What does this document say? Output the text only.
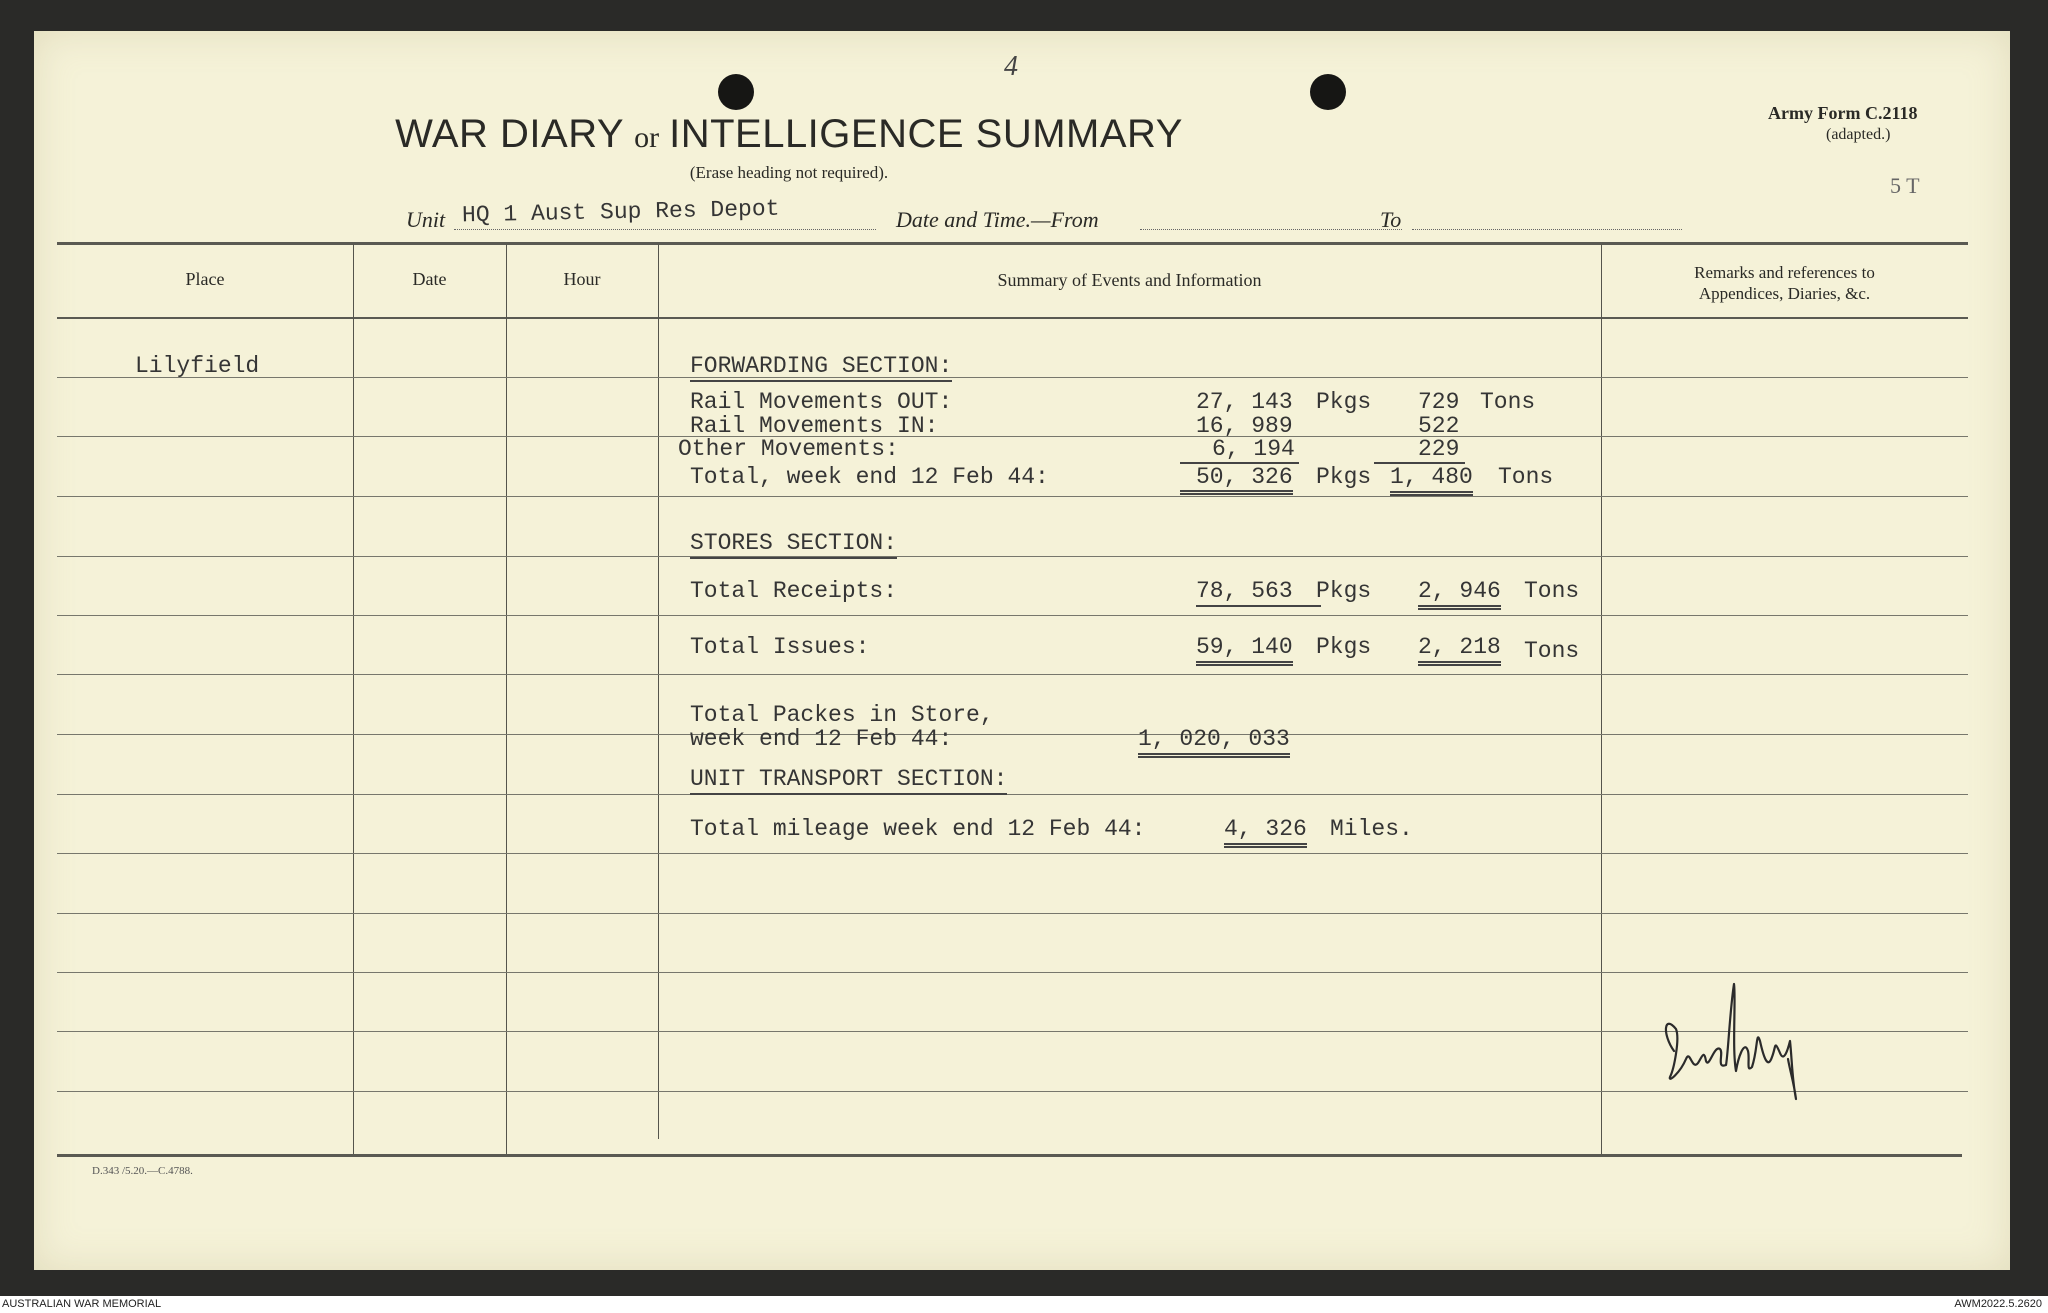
4
WAR DIARY or INTELLIGENCE SUMMARY
(Erase heading not required).
Army Form C.2118
(adapted.)
5 T
Unit HQ 1 Aust Sup Res Depot	Date and Time.—From	To
Place	Date	Hour	Summary of Events and Information	Remarks and references to
Appendices, Diaries, &c.
Lilyfield	FORWARDING SECTION:
Rail Movements OUT:	27, 143 Pkgs 729 Tons
Rail Movements IN:	16, 989	522
Other Movements:	6, 194	229
Total, week end 12 Feb 44:	50, 326 Pkgs 1, 480 Tons
STORES SECTION:
Total Receipts:	78, 563	Pkgs 2, 946 Tons
Total Issues:	59, 140 Pkgs 2, 218 Tons
Total Packes in Store,
week end 12 Feb 44:	1, 020, 033
UNIT TRANSPORT SECTION:
Total mileage week end 12 Feb 44:	4, 326 Miles.
D.343 /5.20.—C.4788.
AUSTRALIAN WAR MEMORIAL	AWM2022.5.2620
